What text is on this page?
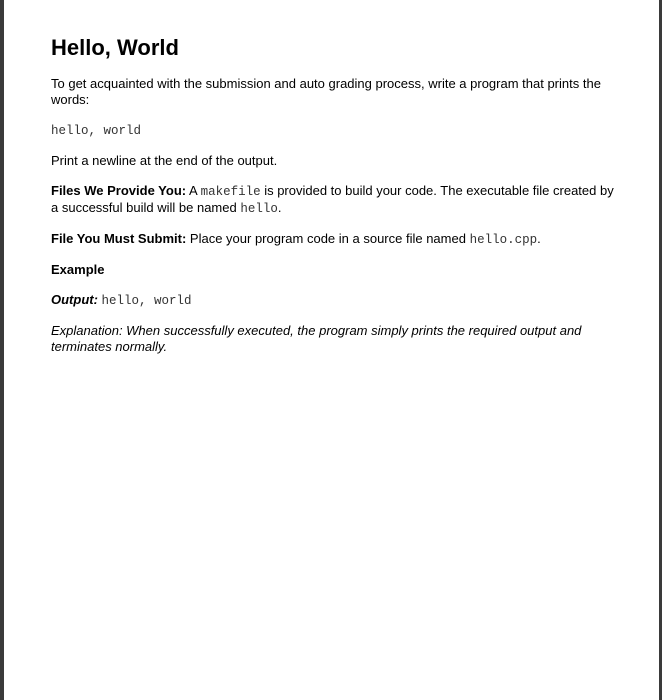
Hello, World

To get acquainted with the submission and auto grading process, write a program that prints the words:

hello, world

Print a newline at the end of the output.

Files We Provide You: A makefile is provided to build your code. The executable file created by a successful build will be named hello.

File You Must Submit: Place your program code in a source file named hello.cpp.

Example

Output: hello, world

Explanation: When successfully executed, the program simply prints the required output and terminates normally.
